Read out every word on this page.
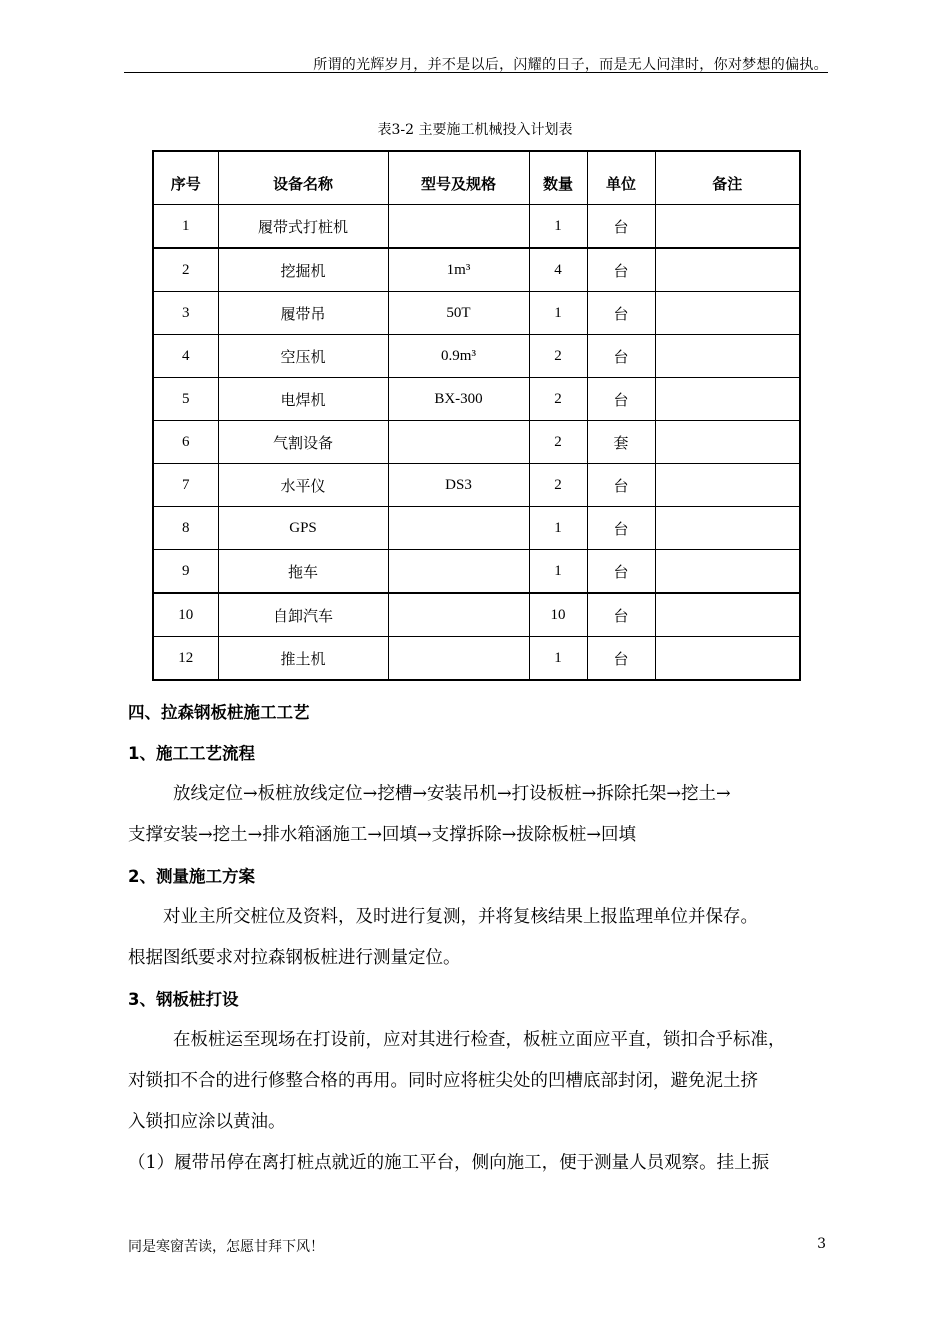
所谓的光辉岁月，并不是以后，闪耀的日子，而是无人问津时，你对梦想的偏执。
表3-2 主要施工机械投入计划表
序号	设备名称	型号及规格	数量	单位	备注
1	履带式打桩机		1	台	
2	挖掘机	1m³	4	台	
3	履带吊	50T	1	台	
4	空压机	0.9m³	2	台	
5	电焊机	BX-300	2	台	
6	气割设备		2	套	
7	水平仪	DS3	2	台	
8	GPS		1	台	
9	拖车		1	台	
10	自卸汽车		10	台	
12	推土机		1	台	

四、拉森钢板桩施工工艺

1、施工工艺流程

放线定位→板桩放线定位→挖槽→安装吊机→打设板桩→拆除托架→挖土→

支撑安装→挖土→排水箱涵施工→回填→支撑拆除→拔除板桩→回填

2、测量施工方案

对业主所交桩位及资料，及时进行复测，并将复核结果上报监理单位并保存。

根据图纸要求对拉森钢板桩进行测量定位。

3、钢板桩打设

在板桩运至现场在打设前，应对其进行检查，板桩立面应平直，锁扣合乎标准，

对锁扣不合的进行修整合格的再用。同时应将桩尖处的凹槽底部封闭，避免泥土挤

入锁扣应涂以黄油。

（1）履带吊停在离打桩点就近的施工平台，侧向施工，便于测量人员观察。挂上振

同是寒窗苦读，怎愿甘拜下风！	3
